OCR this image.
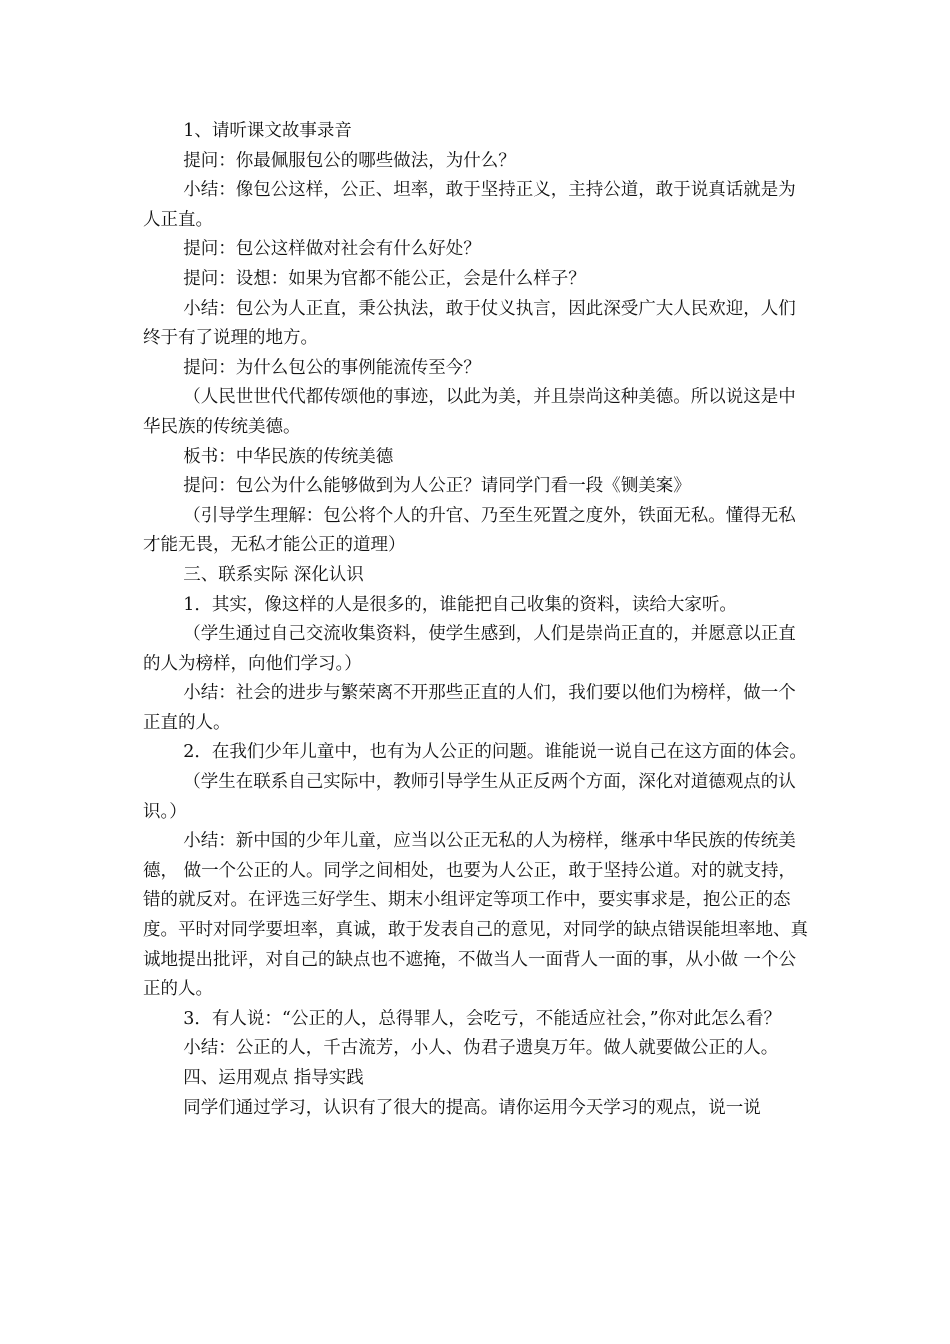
1、请听课文故事录音

提问：你最佩服包公的哪些做法，为什么？

小结：像包公这样，公正、坦率，敢于坚持正义，主持公道，敢于说真话就是为人正直。

提问：包公这样做对社会有什么好处？

提问：设想：如果为官都不能公正，会是什么样子？

小结：包公为人正直，秉公执法，敢于仗义执言，因此深受广大人民欢迎，人们终于有了说理的地方。

提问：为什么包公的事例能流传至今？

（人民世世代代都传颂他的事迹，以此为美，并且崇尚这种美德。所以说这是中华民族的传统美德。

板书：中华民族的传统美德

提问：包公为什么能够做到为人公正？请同学门看一段《铡美案》

（引导学生理解：包公将个人的升官、乃至生死置之度外，铁面无私。懂得无私才能无畏，无私才能公正的道理）

三、联系实际 深化认识

1．其实，像这样的人是很多的，谁能把自己收集的资料，读给大家听。

（学生通过自己交流收集资料，使学生感到，人们是崇尚正直的，并愿意以正直的人为榜样，向他们学习。）

小结：社会的进步与繁荣离不开那些正直的人们，我们要以他们为榜样，做一个正直的人。

2．在我们少年儿童中，也有为人公正的问题。谁能说一说自己在这方面的体会。

（学生在联系自己实际中，教师引导学生从正反两个方面，深化对道德观点的认识。）

小结：新中国的少年儿童，应当以公正无私的人为榜样，继承中华民族的传统美德， 做一个公正的人。同学之间相处，也要为人公正，敢于坚持公道。对的就支持，错的就反对。在评选三好学生、期末小组评定等项工作中，要实事求是，抱公正的态度。平时对同学要坦率，真诚，敢于发表自己的意见，对同学的缺点错误能坦率地、真诚地提出批评，对自己的缺点也不遮掩，不做当人一面背人一面的事，从小做 一个公正的人。

3．有人说：“公正的人，总得罪人，会吃亏，不能适应社会，”你对此怎么看？

小结：公正的人，千古流芳，小人、伪君子遗臭万年。做人就要做公正的人。

四、运用观点 指导实践

同学们通过学习，认识有了很大的提高。请你运用今天学习的观点，说一说
